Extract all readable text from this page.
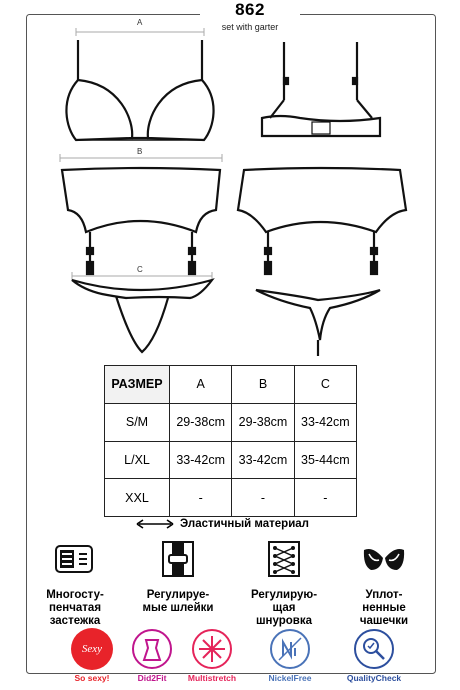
862
set with garter
A
B
C
РАЗМЕР	A	B	C
S/M	29-38cm	29-38cm	33-42cm
L/XL	33-42cm	33-42cm	35-44cm
XXL	-	-	-
Эластичный материал
Многосту-
пенчатая
застежка
Регулируе-
мые шлейки
Регулирую-
щая
шнуровка
Уплот-
ненные
чашечки
Sexy
So sexy!	Did2Fit	Multistretch	NickelFree	QualityCheck
